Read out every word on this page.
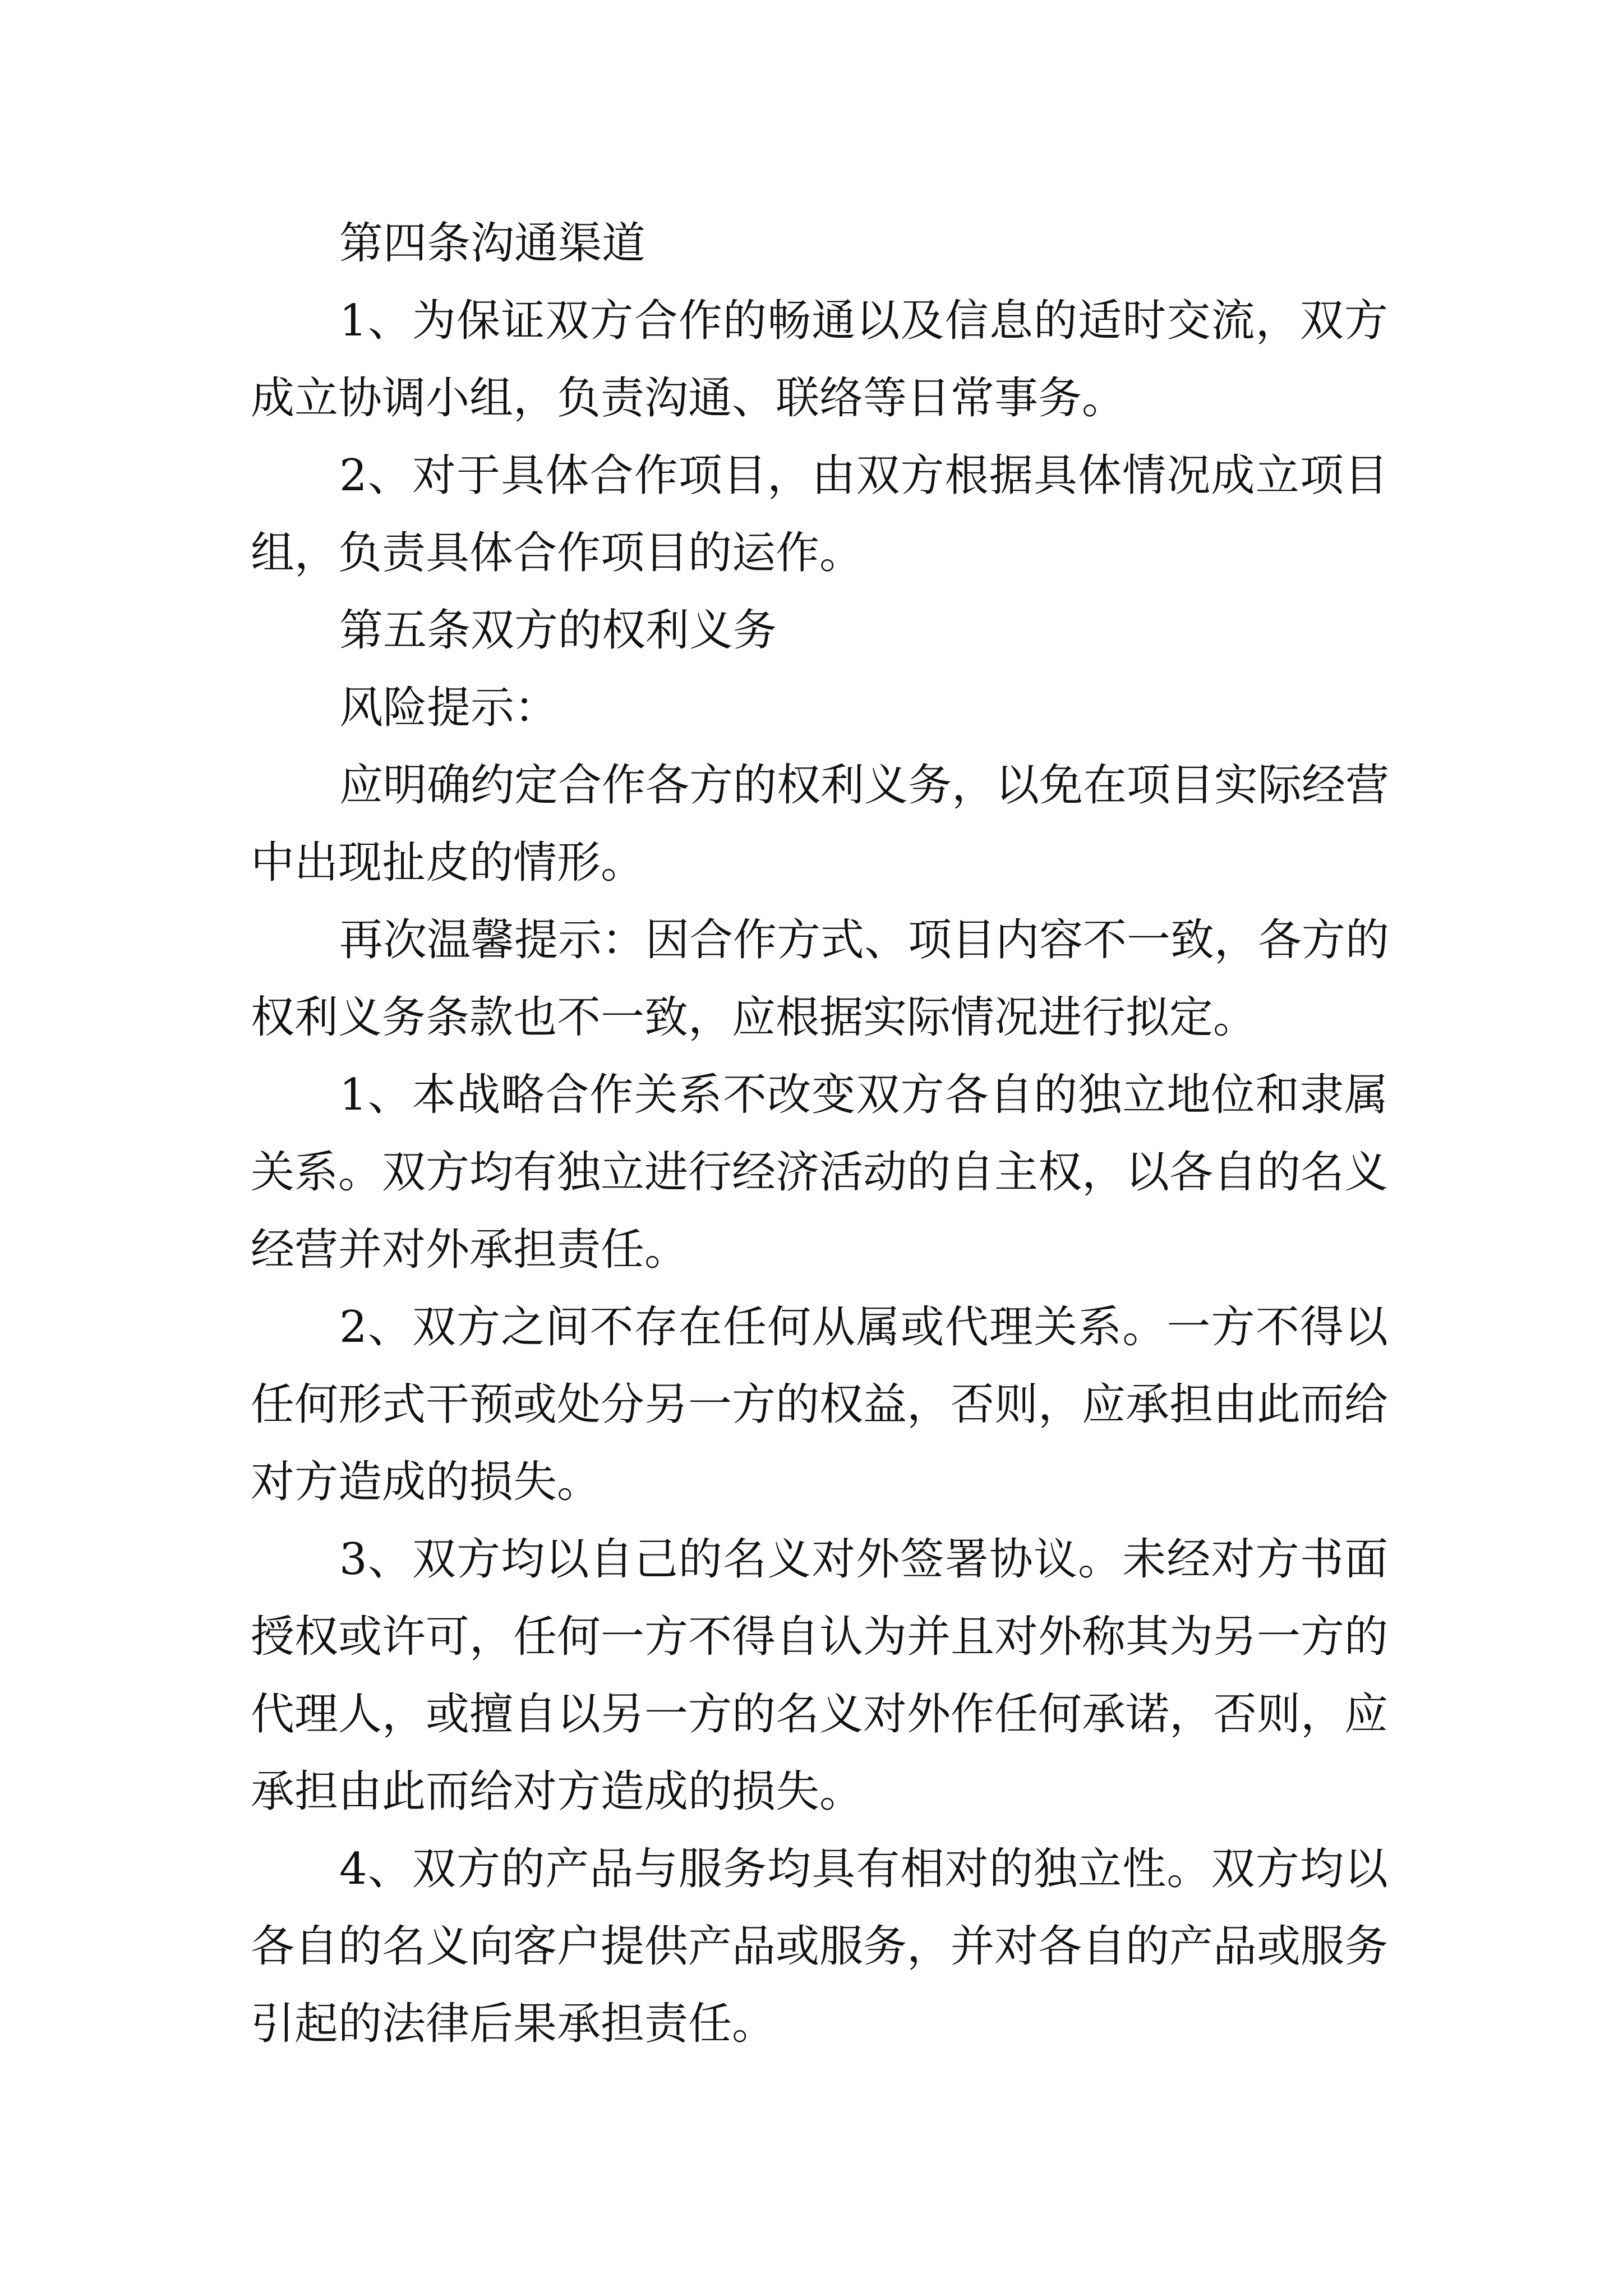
第四条沟通渠道
1、为保证双方合作的畅通以及信息的适时交流，双方
成立协调小组，负责沟通、联络等日常事务。
2、对于具体合作项目，由双方根据具体情况成立项目
组，负责具体合作项目的运作。
第五条双方的权利义务
风险提示：
应明确约定合作各方的权利义务，以免在项目实际经营
中出现扯皮的情形。
再次温馨提示：因合作方式、项目内容不一致，各方的
权利义务条款也不一致，应根据实际情况进行拟定。
1、本战略合作关系不改变双方各自的独立地位和隶属
关系。双方均有独立进行经济活动的自主权，以各自的名义
经营并对外承担责任。
2、双方之间不存在任何从属或代理关系。一方不得以
任何形式干预或处分另一方的权益，否则，应承担由此而给
对方造成的损失。
3、双方均以自己的名义对外签署协议。未经对方书面
授权或许可，任何一方不得自认为并且对外称其为另一方的
代理人，或擅自以另一方的名义对外作任何承诺，否则，应
承担由此而给对方造成的损失。
4、双方的产品与服务均具有相对的独立性。双方均以
各自的名义向客户提供产品或服务，并对各自的产品或服务
引起的法律后果承担责任。
